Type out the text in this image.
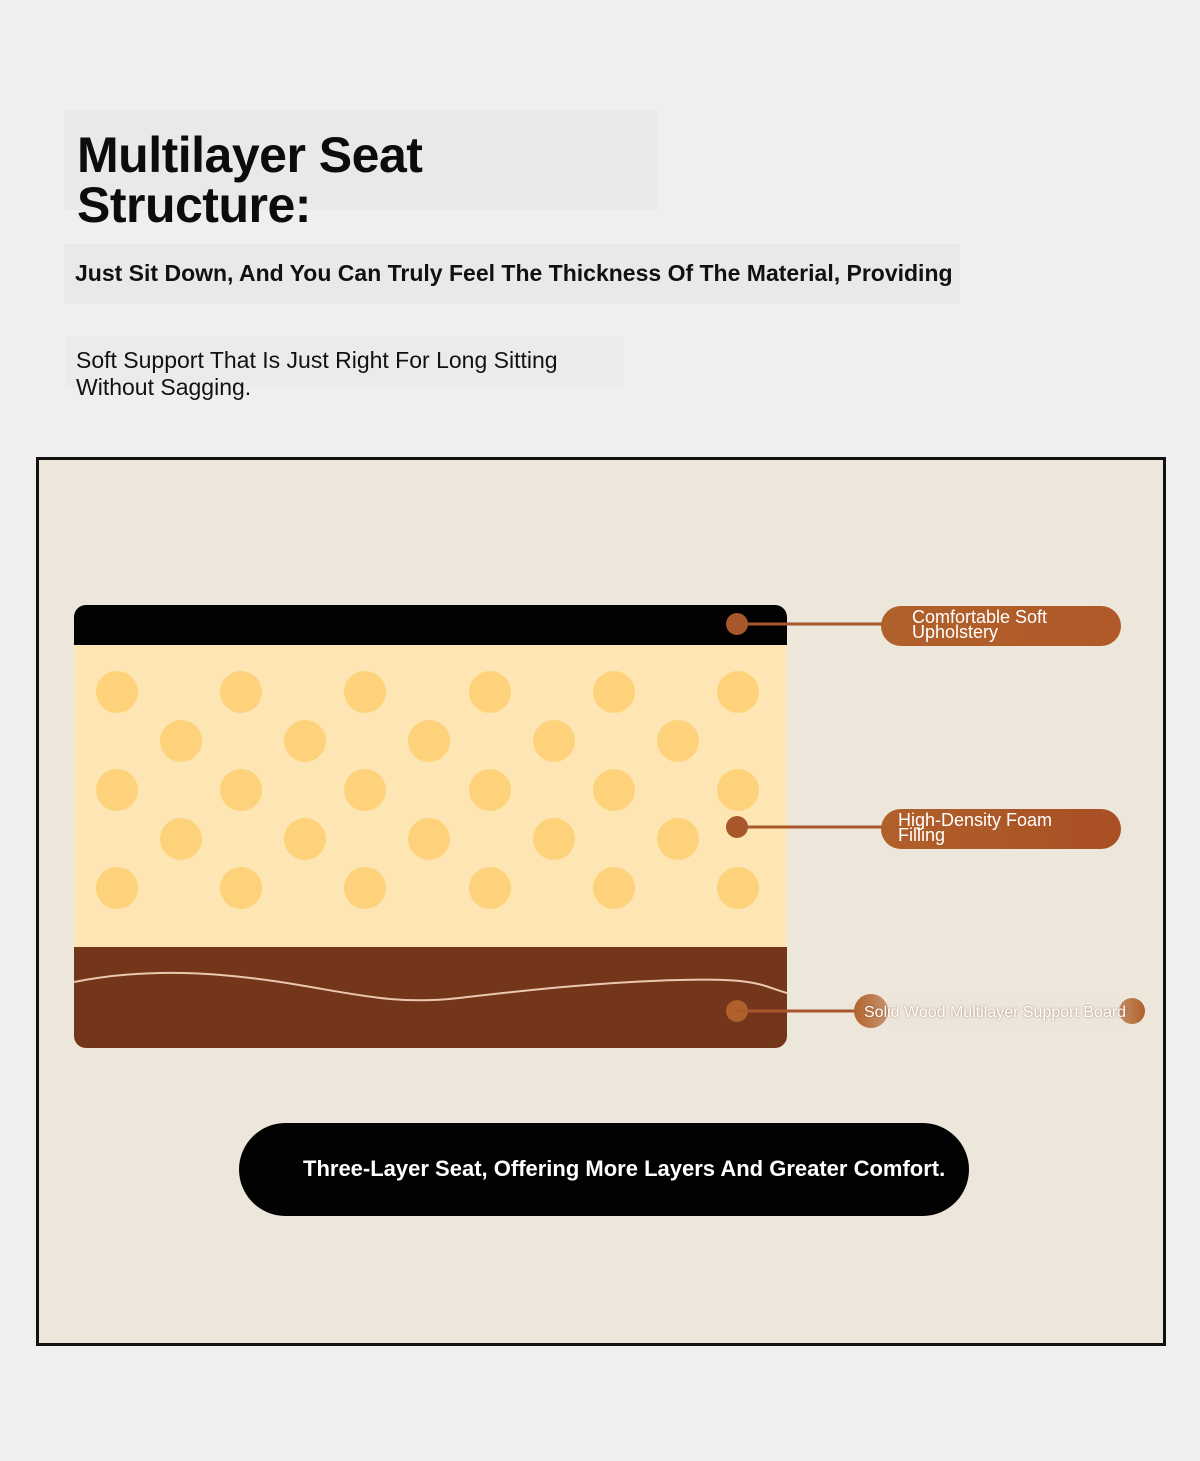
Multilayer Seat Structure:

Just Sit Down, And You Can Truly Feel The Thickness Of The Material, Providing

Soft Support That Is Just Right For Long Sitting Without Sagging.

Comfortable Soft
Upholstery
High-Density Foam
Filling
Solid Wood Multilayer Support Board
Three-Layer Seat, Offering More Layers And Greater Comfort.
